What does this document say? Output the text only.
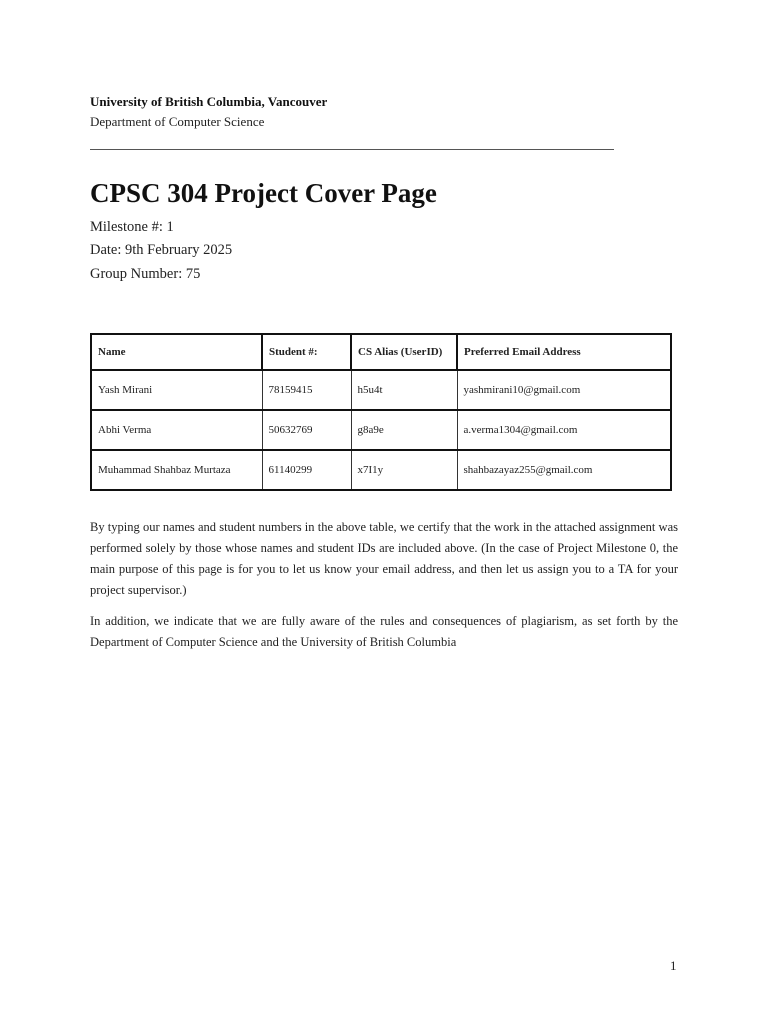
University of British Columbia, Vancouver
Department of Computer Science
CPSC 304 Project Cover Page
Milestone #: 1
Date: 9th February 2025
Group Number: 75
Name	Student #:	CS Alias (UserID)	Preferred Email Address
Yash Mirani	78159415	h5u4t	yashmirani10@gmail.com
Abhi Verma	50632769	g8a9e	a.verma1304@gmail.com
Muhammad Shahbaz Murtaza	61140299	x7I1y	shahbazayaz255@gmail.com

By typing our names and student numbers in the above table, we certify that the work in the attached assignment was performed solely by those whose names and student IDs are included above. (In the case of Project Milestone 0, the main purpose of this page is for you to let us know your email address, and then let us assign you to a TA for your project supervisor.)

In addition, we indicate that we are fully aware of the rules and consequences of plagiarism, as set forth by the Department of Computer Science and the University of British Columbia

1
